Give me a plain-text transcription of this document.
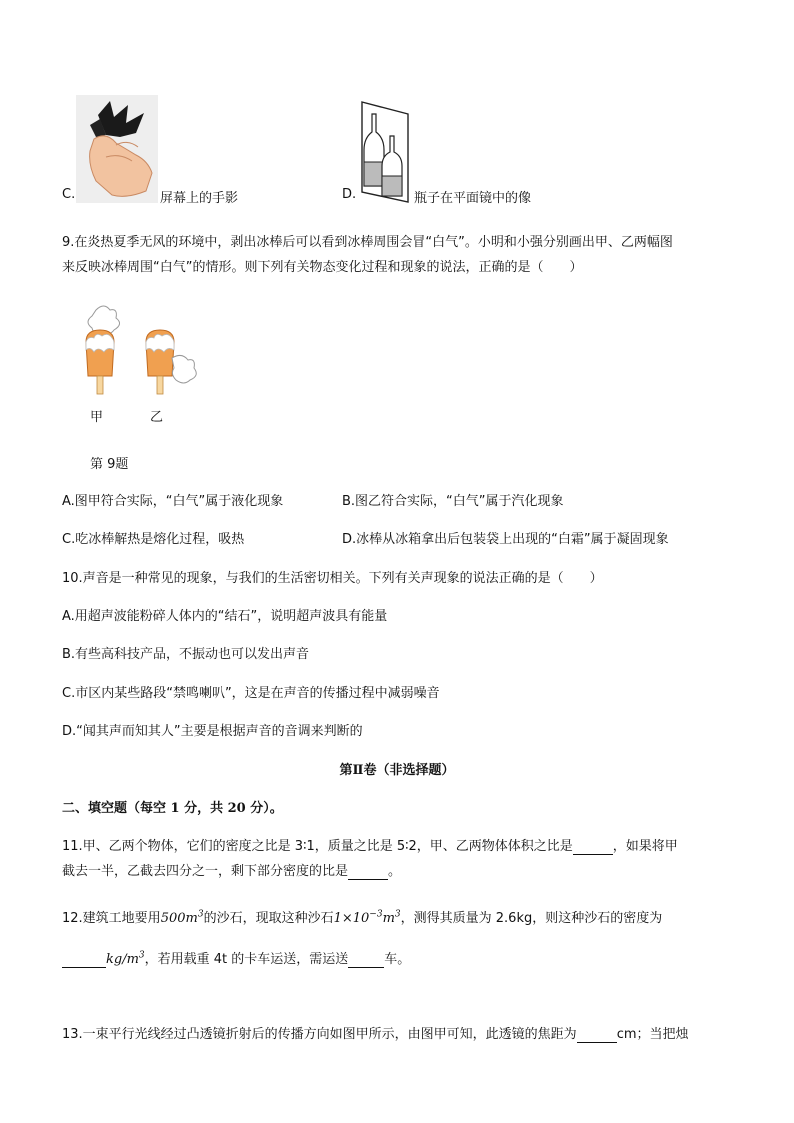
C.	屏幕上的手影	D.	瓶子在平面镜中的像
9.在炎热夏季无风的环境中，剥出冰棒后可以看到冰棒周围会冒“白气”。小明和小强分别画出甲、乙两幅图
来反映冰棒周围“白气”的情形。则下列有关物态变化过程和现象的说法，正确的是（　　）
甲	乙
第 9题
A.图甲符合实际，“白气”属于液化现象	B.图乙符合实际，“白气”属于汽化现象
C.吃冰棒解热是熔化过程，吸热	D.冰棒从冰箱拿出后包装袋上出现的“白霜”属于凝固现象
10.声音是一种常见的现象，与我们的生活密切相关。下列有关声现象的说法正确的是（　　）
A.用超声波能粉碎人体内的“结石”，说明超声波具有能量
B.有些高科技产品，不振动也可以发出声音
C.市区内某些路段“禁鸣喇叭”，这是在声音的传播过程中减弱噪音
D.“闻其声而知其人”主要是根据声音的音调来判断的
第Ⅱ卷（非选择题）
二、填空题（每空 1 分，共 20 分）。
11.甲、乙两个物体，它们的密度之比是 3∶1，质量之比是 5∶2，甲、乙两物体体积之比是	，如果将甲
截去一半，乙截去四分之一，剩下部分密度的比是	。
12.建筑工地要用$500m^3$的沙石，现取这种沙石$1\times 10^{-3}m^3$，测得其质量为 2.6kg，则这种沙石的密度为
$kg/m^3$，若用载重 4t 的卡车运送，需运送	车。
13.一束平行光线经过凸透镜折射后的传播方向如图甲所示，由图甲可知，此透镜的焦距为	cm；当把烛
